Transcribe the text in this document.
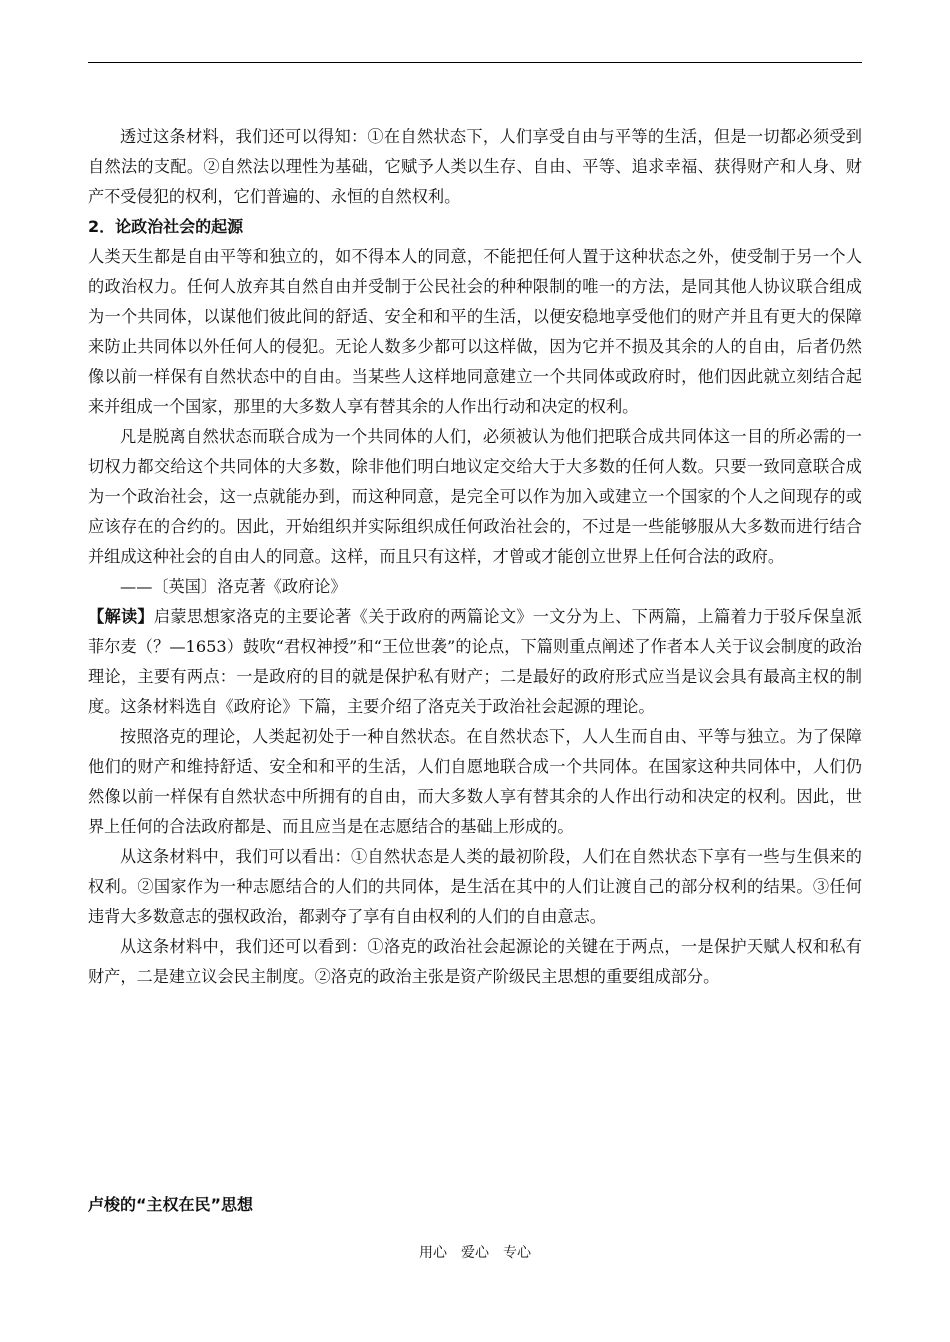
透过这条材料，我们还可以得知：①在自然状态下，人们享受自由与平等的生活，但是一切都必须受到自然法的支配。②自然法以理性为基础，它赋予人类以生存、自由、平等、追求幸福、获得财产和人身、财产不受侵犯的权利，它们普遍的、永恒的自然权利。

2．论政治社会的起源

人类天生都是自由平等和独立的，如不得本人的同意，不能把任何人置于这种状态之外，使受制于另一个人的政治权力。任何人放弃其自然自由并受制于公民社会的种种限制的唯一的方法，是同其他人协议联合组成为一个共同体，以谋他们彼此间的舒适、安全和和平的生活，以便安稳地享受他们的财产并且有更大的保障来防止共同体以外任何人的侵犯。无论人数多少都可以这样做，因为它并不损及其余的人的自由，后者仍然像以前一样保有自然状态中的自由。当某些人这样地同意建立一个共同体或政府时，他们因此就立刻结合起来并组成一个国家，那里的大多数人享有替其余的人作出行动和决定的权利。

凡是脱离自然状态而联合成为一个共同体的人们，必须被认为他们把联合成共同体这一目的所必需的一切权力都交给这个共同体的大多数，除非他们明白地议定交给大于大多数的任何人数。只要一致同意联合成为一个政治社会，这一点就能办到，而这种同意，是完全可以作为加入或建立一个国家的个人之间现存的或应该存在的合约的。因此，开始组织并实际组织成任何政治社会的，不过是一些能够服从大多数而进行结合并组成这种社会的自由人的同意。这样，而且只有这样，才曾或才能创立世界上任何合法的政府。

——〔英国〕洛克著《政府论》

【解读】启蒙思想家洛克的主要论著《关于政府的两篇论文》一文分为上、下两篇，上篇着力于驳斥保皇派菲尔麦（？—1653）鼓吹“君权神授”和“王位世袭”的论点，下篇则重点阐述了作者本人关于议会制度的政治理论，主要有两点：一是政府的目的就是保护私有财产；二是最好的政府形式应当是议会具有最高主权的制度。这条材料选自《政府论》下篇，主要介绍了洛克关于政治社会起源的理论。

按照洛克的理论，人类起初处于一种自然状态。在自然状态下，人人生而自由、平等与独立。为了保障他们的财产和维持舒适、安全和和平的生活，人们自愿地联合成一个共同体。在国家这种共同体中，人们仍然像以前一样保有自然状态中所拥有的自由，而大多数人享有替其余的人作出行动和决定的权利。因此，世界上任何的合法政府都是、而且应当是在志愿结合的基础上形成的。

从这条材料中，我们可以看出：①自然状态是人类的最初阶段，人们在自然状态下享有一些与生俱来的权利。②国家作为一种志愿结合的人们的共同体，是生活在其中的人们让渡自己的部分权利的结果。③任何违背大多数意志的强权政治，都剥夺了享有自由权利的人们的自由意志。

从这条材料中，我们还可以看到：①洛克的政治社会起源论的关键在于两点，一是保护天赋人权和私有财产，二是建立议会民主制度。②洛克的政治主张是资产阶级民主思想的重要组成部分。

卢梭的“主权在民”思想

用心　爱心　专心
